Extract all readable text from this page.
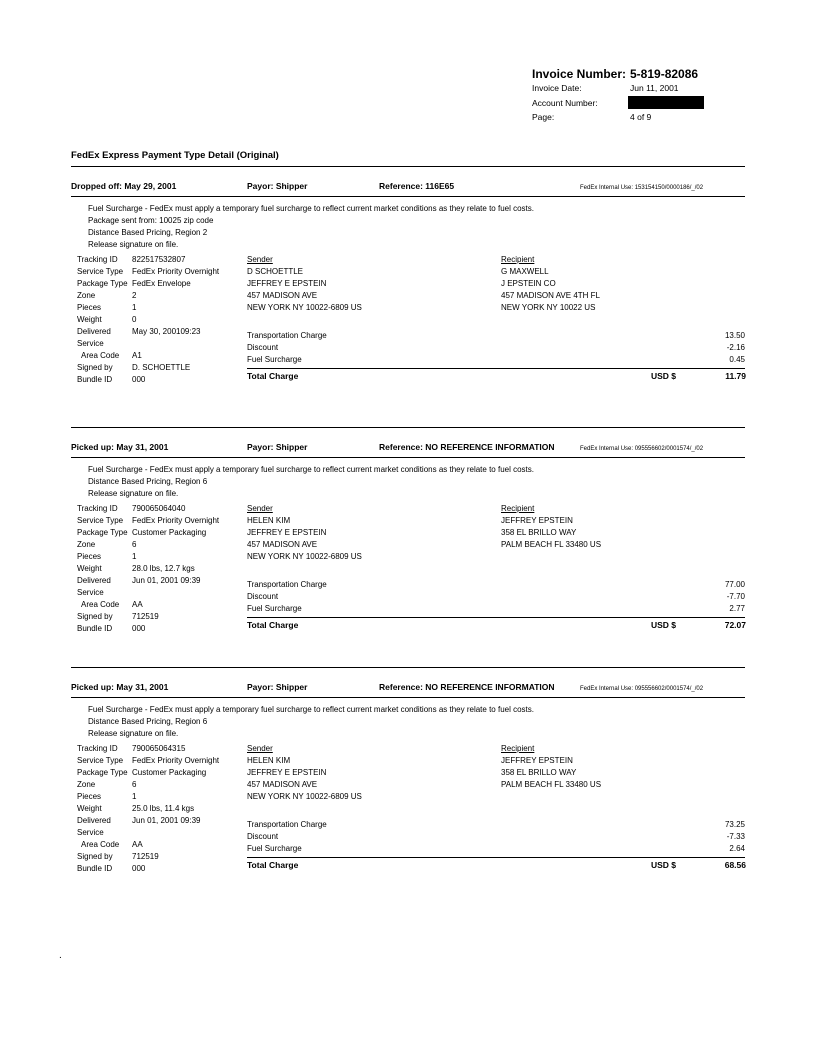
Invoice Number: 5-819-82086
Invoice Date:	Jun 11, 2001
Account Number:
Page:	4 of 9
FedEx Express Payment Type Detail (Original)
Dropped off: May 29, 2001	Payor: Shipper	Reference: 116E65	FedEx Internal Use: 153154150/0000186/_/02
Fuel Surcharge - FedEx must apply a temporary fuel surcharge to reflect current market conditions as they relate to fuel costs.
Package sent from: 10025 zip code
Distance Based Pricing, Region 2
Release signature on file.
Tracking ID	822517532807
Service Type	FedEx Priority Overnight
Package Type	FedEx Envelope
Zone	2
Pieces	1
Weight	0
Delivered	May 30, 200109:23
Service	
Area Code	A1
Signed by	D. SCHOETTLE
Bundle ID	000
Sender
D SCHOETTLE
JEFFREY E EPSTEIN
457 MADISON AVE
NEW YORK NY 10022-6809 US
Recipient
G MAXWELL
J EPSTEIN CO
457 MADISON AVE 4TH FL
NEW YORK NY 10022 US
Transportation Charge	13.50
Discount	-2.16
Fuel Surcharge	0.45
Total Charge	USD $	11.79
Picked up: May 31, 2001	Payor: Shipper	Reference: NO REFERENCE INFORMATION	FedEx Internal Use: 095556602/0001574/_/02
Fuel Surcharge - FedEx must apply a temporary fuel surcharge to reflect current market conditions as they relate to fuel costs.
Distance Based Pricing, Region 6
Release signature on file.
Tracking ID	790065064040
Service Type	FedEx Priority Overnight
Package Type	Customer Packaging
Zone	6
Pieces	1
Weight	28.0 lbs, 12.7 kgs
Delivered	Jun 01, 2001 09:39
Service	
Area Code	AA
Signed by	712519
Bundle ID	000
Sender
HELEN KIM
JEFFREY E EPSTEIN
457 MADISON AVE
NEW YORK NY 10022-6809 US
Recipient
JEFFREY EPSTEIN
358 EL BRILLO WAY
PALM BEACH FL 33480 US
Transportation Charge	77.00
Discount	-7.70
Fuel Surcharge	2.77
Total Charge	USD $	72.07
Picked up: May 31, 2001	Payor: Shipper	Reference: NO REFERENCE INFORMATION	FedEx Internal Use: 095556602/0001574/_/02
Fuel Surcharge - FedEx must apply a temporary fuel surcharge to reflect current market conditions as they relate to fuel costs.
Distance Based Pricing, Region 6
Release signature on file.
Tracking ID	790065064315
Service Type	FedEx Priority Overnight
Package Type	Customer Packaging
Zone	6
Pieces	1
Weight	25.0 lbs, 11.4 kgs
Delivered	Jun 01, 2001 09:39
Service	
Area Code	AA
Signed by	712519
Bundle ID	000
Sender
HELEN KIM
JEFFREY E EPSTEIN
457 MADISON AVE
NEW YORK NY 10022-6809 US
Recipient
JEFFREY EPSTEIN
358 EL BRILLO WAY
PALM BEACH FL 33480 US
Transportation Charge	73.25
Discount	-7.33
Fuel Surcharge	2.64
Total Charge	USD $	68.56
.
